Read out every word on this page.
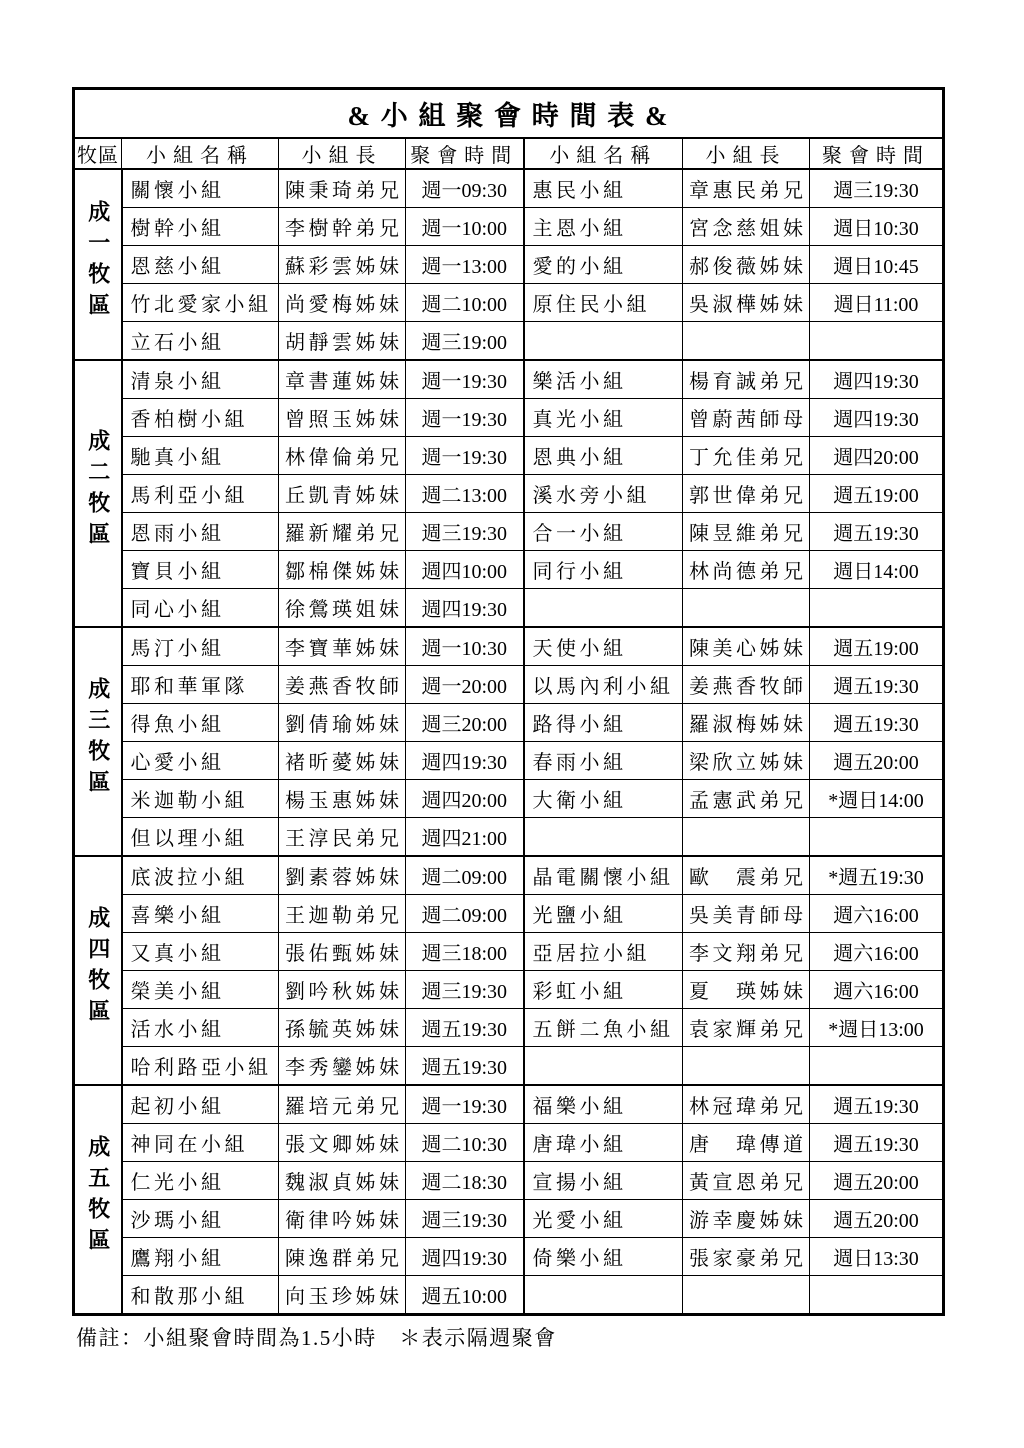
& 小 組 聚 會 時 間 表 &						
牧區	小組名稱	小組長	聚會時間	小組名稱	小組長	聚會時間
成一牧區	關懷小組	陳秉琦弟兄	週一09:30	惠民小組	章惠民弟兄	週三19:30
	樹幹小組	李樹幹弟兄	週一10:00	主恩小組	宮念慈姐妹	週日10:30
	恩慈小組	蘇彩雲姊妹	週一13:00	愛的小組	郝俊薇姊妹	週日10:45
	竹北愛家小組	尚愛梅姊妹	週二10:00	原住民小組	吳淑樺姊妹	週日11:00
	立石小組	胡靜雲姊妹	週三19:00			
成二牧區	清泉小組	章書蓮姊妹	週一19:30	樂活小組	楊育誠弟兄	週四19:30
	香柏樹小組	曾照玉姊妹	週一19:30	真光小組	曾蔚茜師母	週四19:30
	馳真小組	林偉倫弟兄	週一19:30	恩典小組	丁允佳弟兄	週四20:00
	馬利亞小組	丘凱青姊妹	週二13:00	溪水旁小組	郭世偉弟兄	週五19:00
	恩雨小組	羅新耀弟兄	週三19:30	合一小組	陳昱維弟兄	週五19:30
	寶貝小組	鄒棉傑姊妹	週四10:00	同行小組	林尚德弟兄	週日14:00
	同心小組	徐鶯瑛姐妹	週四19:30			
成三牧區	馬汀小組	李寶華姊妹	週一10:30	天使小組	陳美心姊妹	週五19:00
	耶和華軍隊	姜燕香牧師	週一20:00	以馬內利小組	姜燕香牧師	週五19:30
	得魚小組	劉倩瑜姊妹	週三20:00	路得小組	羅淑梅姊妹	週五19:30
	心愛小組	褚昕薆姊妹	週四19:30	春雨小組	梁欣立姊妹	週五20:00
	米迦勒小組	楊玉惠姊妹	週四20:00	大衛小組	孟憲武弟兄	*週日14:00
	但以理小組	王淳民弟兄	週四21:00			
成四牧區	底波拉小組	劉素蓉姊妹	週二09:00	晶電關懷小組	歐　震弟兄	*週五19:30
	喜樂小組	王迦勒弟兄	週二09:00	光鹽小組	吳美青師母	週六16:00
	又真小組	張佑甄姊妹	週三18:00	亞居拉小組	李文翔弟兄	週六16:00
	榮美小組	劉吟秋姊妹	週三19:30	彩虹小組	夏　瑛姊妹	週六16:00
	活水小組	孫毓英姊妹	週五19:30	五餅二魚小組	袁家輝弟兄	*週日13:00
	哈利路亞小組	李秀鑾姊妹	週五19:30			
成五牧區	起初小組	羅培元弟兄	週一19:30	福樂小組	林冠瑋弟兄	週五19:30
	神同在小組	張文卿姊妹	週二10:30	唐瑋小組	唐　瑋傳道	週五19:30
	仁光小組	魏淑貞姊妹	週二18:30	宣揚小組	黃宣恩弟兄	週五20:00
	沙瑪小組	衛律吟姊妹	週三19:30	光愛小組	游幸慶姊妹	週五20:00
	鷹翔小組	陳逸群弟兄	週四19:30	倚樂小組	張家豪弟兄	週日13:30
	和散那小組	向玉珍姊妹	週五10:00			
備註：小組聚會時間為1.5小時　＊表示隔週聚會
